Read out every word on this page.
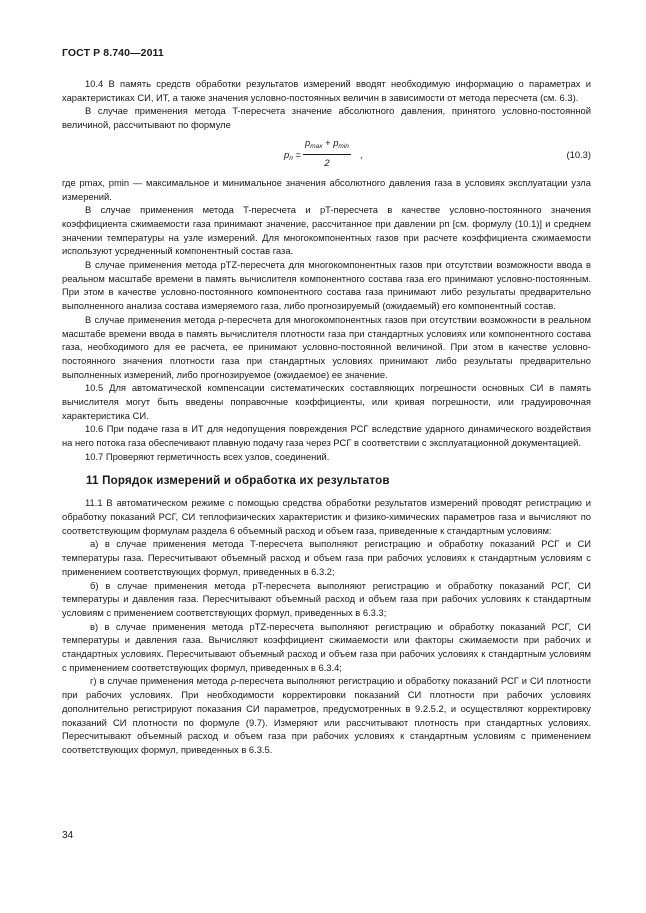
ГОСТ Р 8.740—2011

10.4 В память средств обработки результатов измерений вводят необходимую информацию о параметрах и характеристиках СИ, ИТ, а также значения условно-постоянных величин в зависимости от метода пересчета (см. 6.3).

В случае применения метода T-пересчета значение абсолютного давления, принятого условно-постоянной величиной, рассчитывают по формуле

$p_п$ =
$p_{max} + p_{min}$
2
,	(10.3)

где pmax, pmin — максимальное и минимальное значения абсолютного давления газа в условиях эксплуатации узла измерений.

В случае применения метода T-пересчета и pT-пересчета в качестве условно-постоянного значения коэффициента сжимаемости газа принимают значение, рассчитанное при давлении pп [см. формулу (10.1)] и среднем значении температуры на узле измерений. Для многокомпонентных газов при расчете коэффициента сжимаемости используют усредненный компонентный состав газа.

В случае применения метода pTZ-пересчета для многокомпонентных газов при отсутствии возможности ввода в реальном масштабе времени в память вычислителя компонентного состава газа его принимают условно-постоянным. При этом в качестве условно-постоянного компонентного состава газа принимают либо результаты предварительно выполненного анализа состава измеряемого газа, либо прогнозируемый (ожидаемый) его компонентный состав.

В случае применения метода ρ-пересчета для многокомпонентных газов при отсутствии возможности в реальном масштабе времени ввода в память вычислителя плотности газа при стандартных условиях или компонентного состава газа, необходимого для ее расчета, ее принимают условно-постоянной величиной. При этом в качестве условно-постоянного значения плотности газа при стандартных условиях принимают либо результаты предварительно выполненных измерений, либо прогнозируемое (ожидаемое) ее значение.

10.5 Для автоматической компенсации систематических составляющих погрешности основных СИ в память вычислителя могут быть введены поправочные коэффициенты, или кривая погрешности, или градуировочная характеристика СИ.

10.6 При подаче газа в ИТ для недопущения повреждения РСГ вследствие ударного динамического воздействия на него потока газа обеспечивают плавную подачу газа через РСГ в соответствии с эксплуатационной документацией.

10.7 Проверяют герметичность всех узлов, соединений.

11 Порядок измерений и обработка их результатов

11.1 В автоматическом режиме с помощью средства обработки результатов измерений проводят регистрацию и обработку показаний РСГ, СИ теплофизических характеристик и физико-химических параметров газа и вычисляют по соответствующим формулам раздела 6 объемный расход и объем газа, приведенные к стандартным условиям:

а) в случае применения метода T-пересчета выполняют регистрацию и обработку показаний РСГ и СИ температуры газа. Пересчитывают объемный расход и объем газа при рабочих условиях к стандартным условиям с применением соответствующих формул, приведенных в 6.3.2;

б) в случае применения метода pT-пересчета выполняют регистрацию и обработку показаний РСГ, СИ температуры и давления газа. Пересчитывают объемный расход и объем газа при рабочих условиях к стандартным условиям с применением соответствующих формул, приведенных в 6.3.3;

в) в случае применения метода pTZ-пересчета выполняют регистрацию и обработку показаний РСГ, СИ температуры и давления газа. Вычисляют коэффициент сжимаемости или факторы сжимаемости при рабочих и стандартных условиях. Пересчитывают объемный расход и объем газа при рабочих условиях к стандартным условиям с применением соответствующих формул, приведенных в 6.3.4;

г) в случае применения метода ρ-пересчета выполняют регистрацию и обработку показаний РСГ и СИ плотности при рабочих условиях. При необходимости корректировки показаний СИ плотности при рабочих условиях дополнительно регистрируют показания СИ параметров, предусмотренных в 9.2.5.2, и осуществляют корректировку показаний СИ плотности по формуле (9.7). Измеряют или рассчитывают плотность при стандартных условиях. Пересчитывают объемный расход и объем газа при рабочих условиях к стандартным условиям с применением соответствующих формул, приведенных в 6.3.5.

34
